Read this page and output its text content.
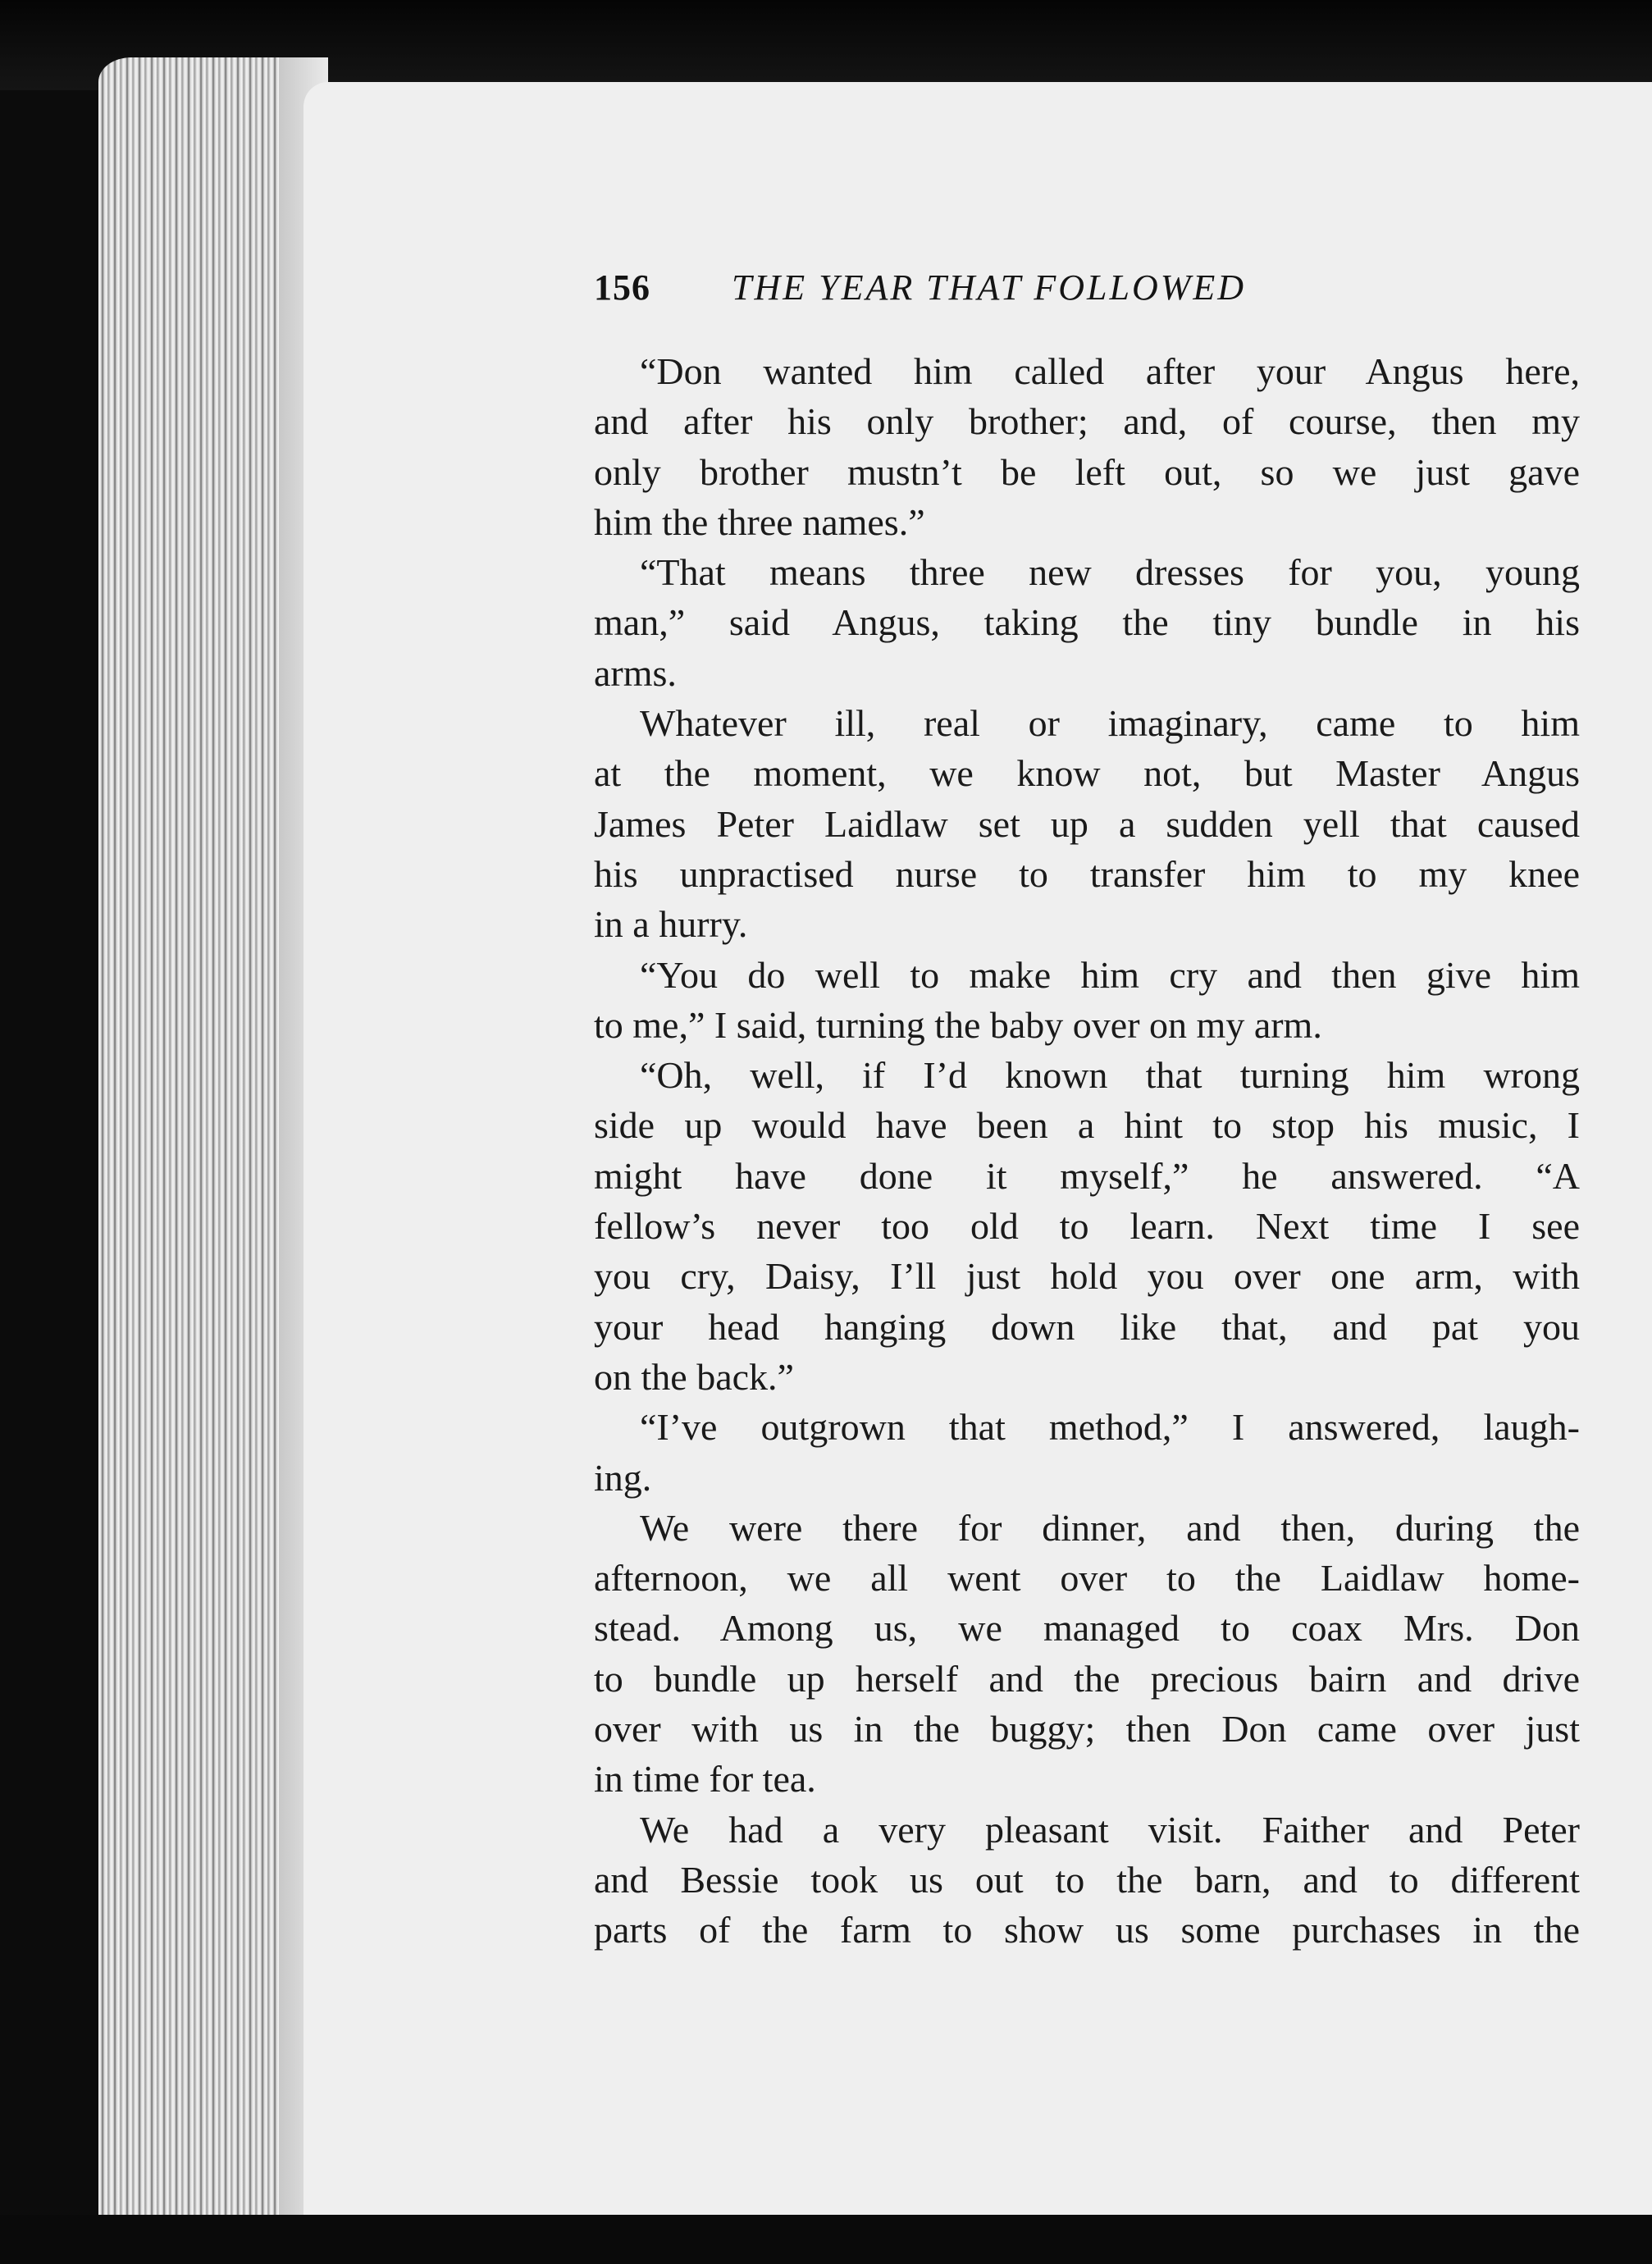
156 THE YEAR THAT FOLLOWED
“Don wanted him called after your Angus here,
and after his only brother; and, of course, then my
only brother mustn’t be left out, so we just gave
him the three names.”
“That means three new dresses for you, young
man,” said Angus, taking the tiny bundle in his
arms.
Whatever ill, real or imaginary, came to him
at the moment, we know not, but Master Angus
James Peter Laidlaw set up a sudden yell that caused
his unpractised nurse to transfer him to my knee
in a hurry.
“You do well to make him cry and then give him
to me,” I said, turning the baby over on my arm.
“Oh, well, if I’d known that turning him wrong
side up would have been a hint to stop his music, I
might have done it myself,” he answered. “A
fellow’s never too old to learn. Next time I see
you cry, Daisy, I’ll just hold you over one arm, with
your head hanging down like that, and pat you
on the back.”
“I’ve outgrown that method,” I answered, laugh-
ing.
We were there for dinner, and then, during the
afternoon, we all went over to the Laidlaw home-
stead. Among us, we managed to coax Mrs. Don
to bundle up herself and the precious bairn and drive
over with us in the buggy; then Don came over just
in time for tea.
We had a very pleasant visit. Faither and Peter
and Bessie took us out to the barn, and to different
parts of the farm to show us some purchases in the
